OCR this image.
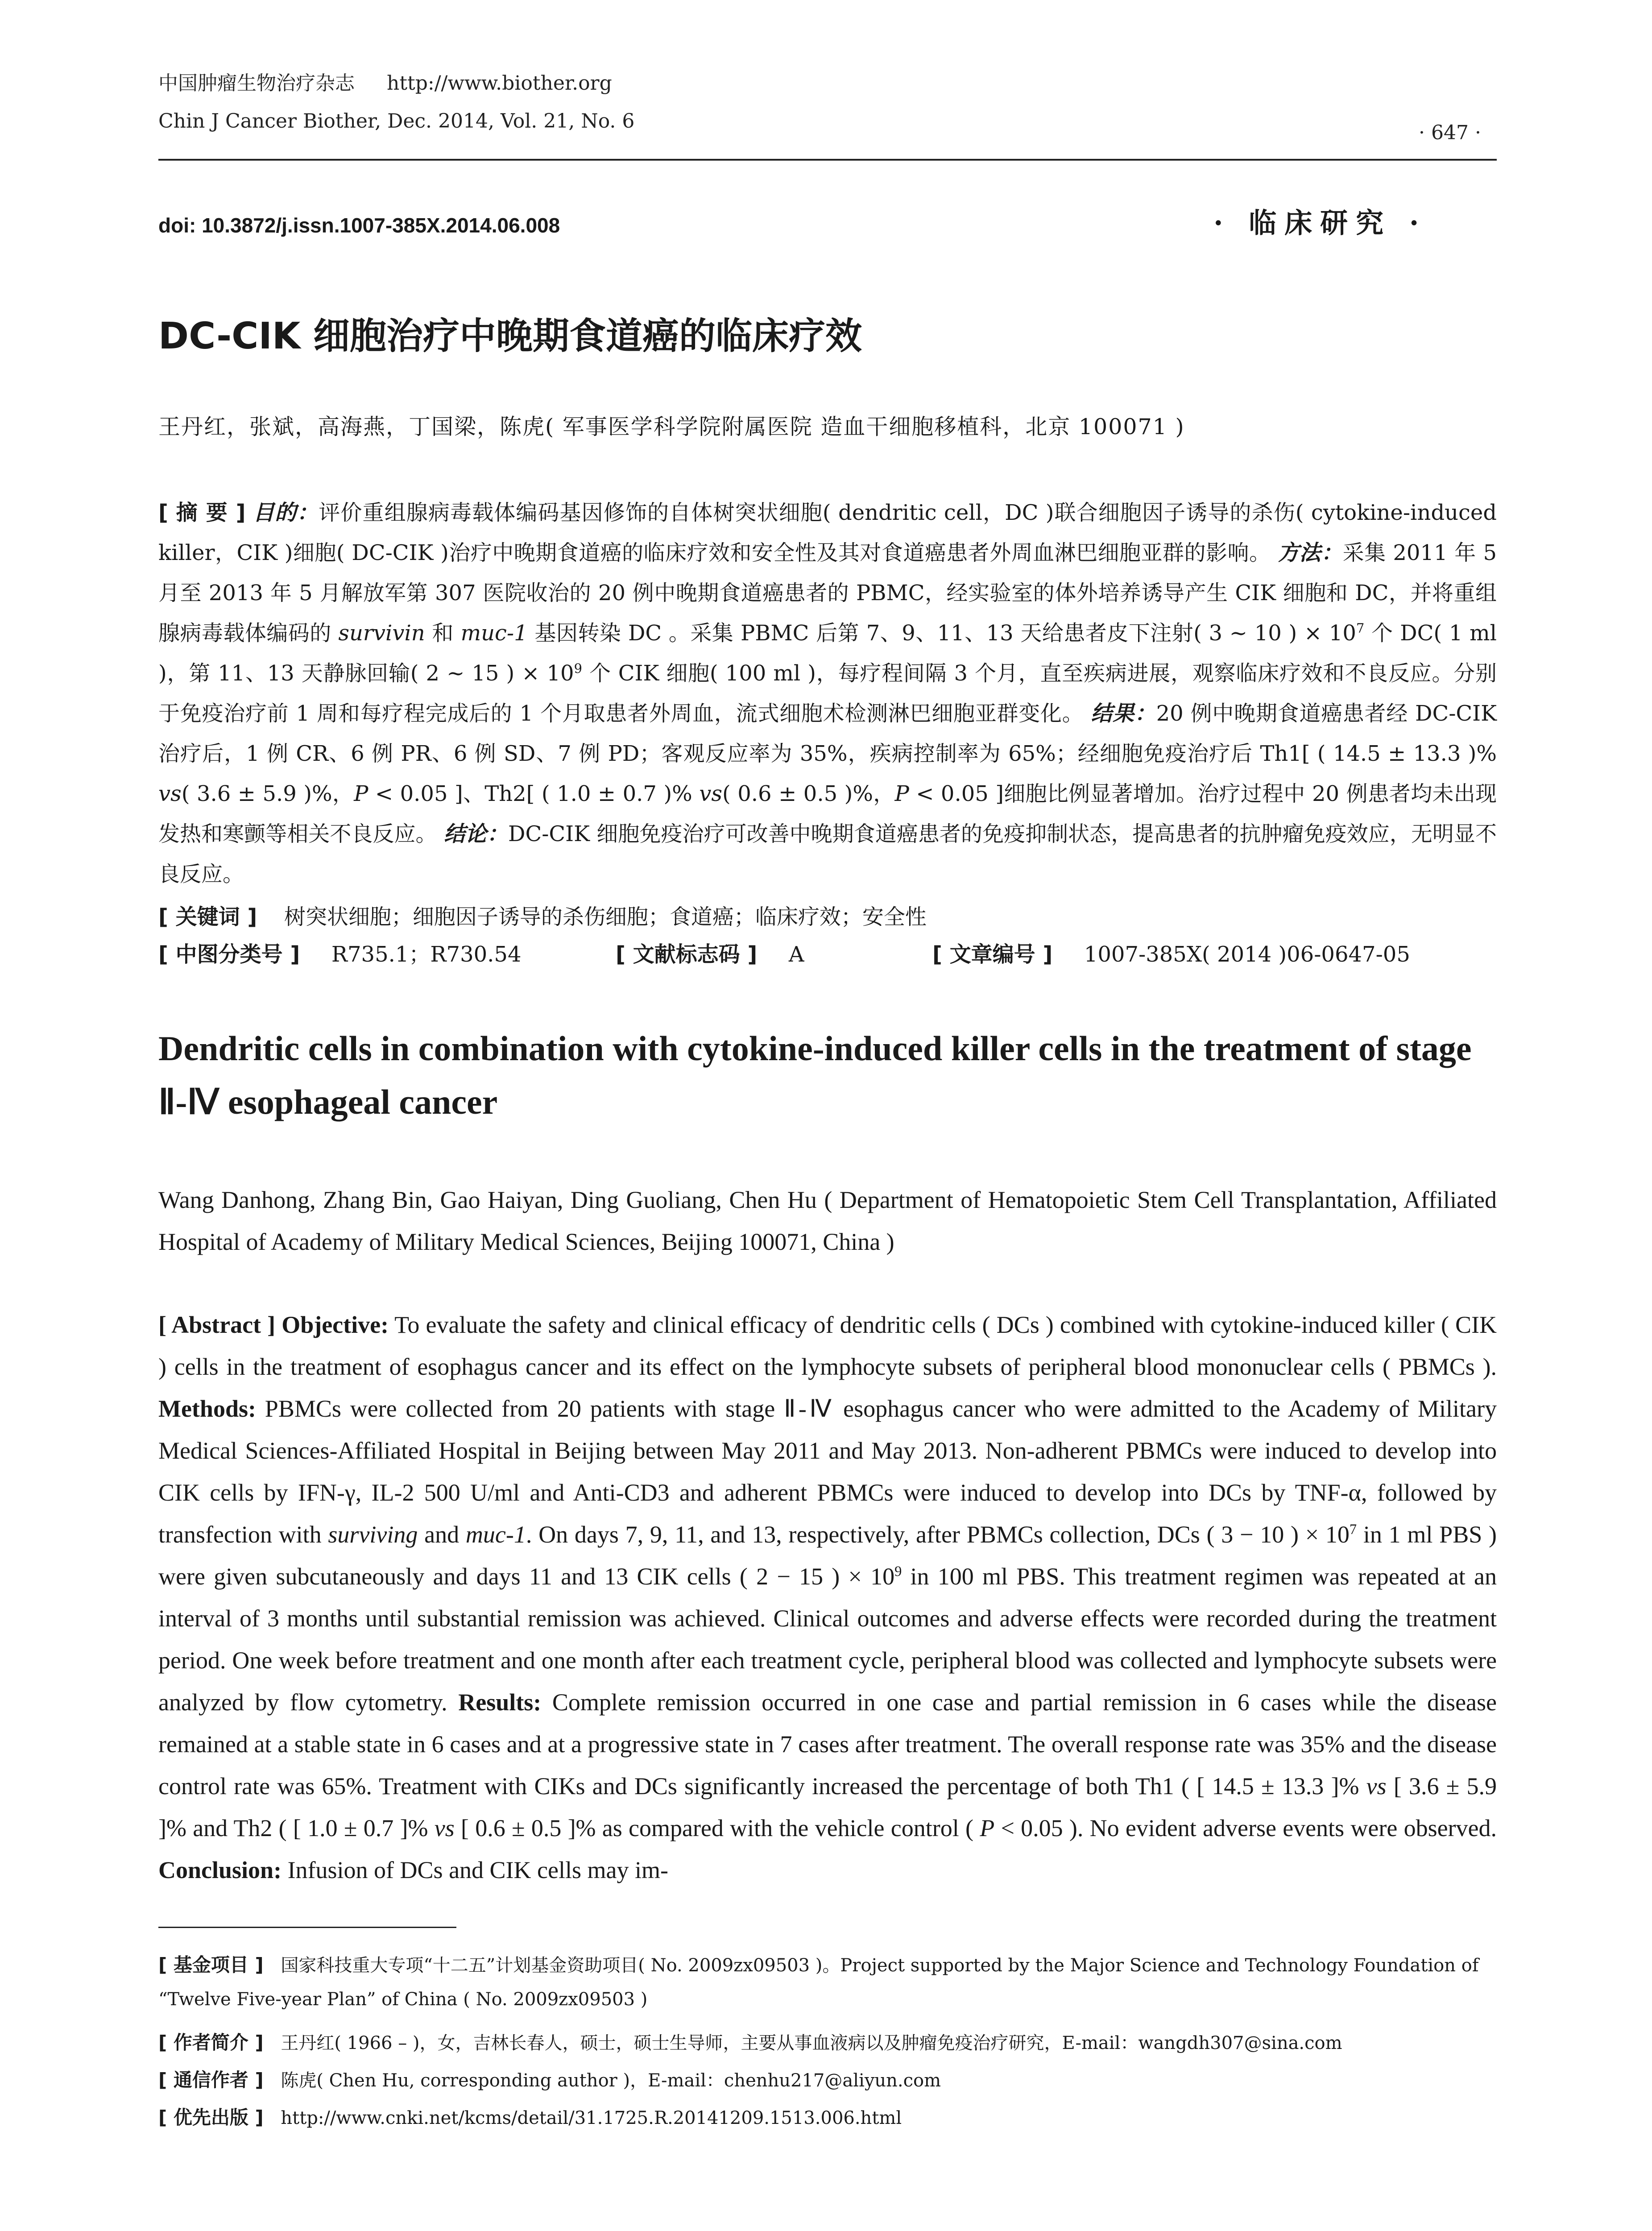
中国肿瘤生物治疗杂志 http://www.biother.org
Chin J Cancer Biother, Dec. 2014, Vol. 21, No. 6
· 647 ·
doi: 10.3872/j.issn.1007-385X.2014.06.008	· 临床研究 ·
DC-CIK 细胞治疗中晚期食道癌的临床疗效
王丹红，张斌，高海燕，丁国梁，陈虎( 军事医学科学院附属医院 造血干细胞移植科，北京 100071 )
[ 摘 要 ] 目的：评价重组腺病毒载体编码基因修饰的自体树突状细胞( dendritic cell，DC )联合细胞因子诱导的杀伤( cytokine-induced killer，CIK )细胞( DC-CIK )治疗中晚期食道癌的临床疗效和安全性及其对食道癌患者外周血淋巴细胞亚群的影响。 方法：采集 2011 年 5 月至 2013 年 5 月解放军第 307 医院收治的 20 例中晚期食道癌患者的 PBMC，经实验室的体外培养诱导产生 CIK 细胞和 DC，并将重组腺病毒载体编码的 survivin 和 muc-1 基因转染 DC 。采集 PBMC 后第 7、9、11、13 天给患者皮下注射( 3 ~ 10 ) × $10^7$ 个 DC( 1 ml )，第 11、13 天静脉回输( 2 ~ 15 ) × $10^9$ 个 CIK 细胞( 100 ml )，每疗程间隔 3 个月，直至疾病进展，观察临床疗效和不良反应。分别于免疫治疗前 1 周和每疗程完成后的 1 个月取患者外周血，流式细胞术检测淋巴细胞亚群变化。 结果：20 例中晚期食道癌患者经 DC-CIK 治疗后，1 例 CR、6 例 PR、6 例 SD、7 例 PD；客观反应率为 35%，疾病控制率为 65%；经细胞免疫治疗后 Th1[ ( 14.5 ± 13.3 )% vs( 3.6 ± 5.9 )%，P < 0.05 ]、Th2[ ( 1.0 ± 0.7 )% vs( 0.6 ± 0.5 )%，P < 0.05 ]细胞比例显著增加。治疗过程中 20 例患者均未出现发热和寒颤等相关不良反应。 结论：DC-CIK 细胞免疫治疗可改善中晚期食道癌患者的免疫抑制状态，提高患者的抗肿瘤免疫效应，无明显不良反应。
[ 关键词 ] 树突状细胞；细胞因子诱导的杀伤细胞；食道癌；临床疗效；安全性
[ 中图分类号 ] R735.1；R730.54	[ 文献标志码 ] A	[ 文章编号 ] 1007-385X( 2014 )06-0647-05
Dendritic cells in combination with cytokine-induced killer cells in the treatment of stage Ⅱ-Ⅳ esophageal cancer
Wang Danhong, Zhang Bin, Gao Haiyan, Ding Guoliang, Chen Hu ( Department of Hematopoietic Stem Cell Transplantation, Affiliated Hospital of Academy of Military Medical Sciences, Beijing 100071, China )
[ Abstract ] Objective: To evaluate the safety and clinical efficacy of dendritic cells ( DCs ) combined with cytokine-induced killer ( CIK ) cells in the treatment of esophagus cancer and its effect on the lymphocyte subsets of peripheral blood mononuclear cells ( PBMCs ). Methods: PBMCs were collected from 20 patients with stage Ⅱ-Ⅳ esophagus cancer who were admitted to the Academy of Military Medical Sciences-Affiliated Hospital in Beijing between May 2011 and May 2013. Non-adherent PBMCs were induced to develop into CIK cells by IFN-γ, IL-2 500 U/ml and Anti-CD3 and adherent PBMCs were induced to develop into DCs by TNF-α, followed by transfection with surviving and muc-1. On days 7, 9, 11, and 13, respectively, after PBMCs collection, DCs ( 3 − 10 ) × $10^7$ in 1 ml PBS ) were given subcutaneously and days 11 and 13 CIK cells ( 2 − 15 ) × $10^9$ in 100 ml PBS. This treatment regimen was repeated at an interval of 3 months until substantial remission was achieved. Clinical outcomes and adverse effects were recorded during the treatment period. One week before treatment and one month after each treatment cycle, peripheral blood was collected and lymphocyte subsets were analyzed by flow cytometry. Results: Complete remission occurred in one case and partial remission in 6 cases while the disease remained at a stable state in 6 cases and at a progressive state in 7 cases after treatment. The overall response rate was 35% and the disease control rate was 65%. Treatment with CIKs and DCs significantly increased the percentage of both Th1 ( [ 14.5 ± 13.3 ]% vs [ 3.6 ± 5.9 ]% and Th2 ( [ 1.0 ± 0.7 ]% vs [ 0.6 ± 0.5 ]% as compared with the vehicle control ( P < 0.05 ). No evident adverse events were observed. Conclusion: Infusion of DCs and CIK cells may im-
[ 基金项目 ] 国家科技重大专项“十二五”计划基金资助项目( No. 2009zx09503 )。Project supported by the Major Science and Technology Foundation of “Twelve Five-year Plan” of China ( No. 2009zx09503 )
[ 作者简介 ] 王丹红( 1966 – )，女，吉林长春人，硕士，硕士生导师，主要从事血液病以及肿瘤免疫治疗研究，E-mail：wangdh307@sina.com
[ 通信作者 ] 陈虎( Chen Hu, corresponding author )，E-mail：chenhu217@aliyun.com
[ 优先出版 ] http://www.cnki.net/kcms/detail/31.1725.R.20141209.1513.006.html
